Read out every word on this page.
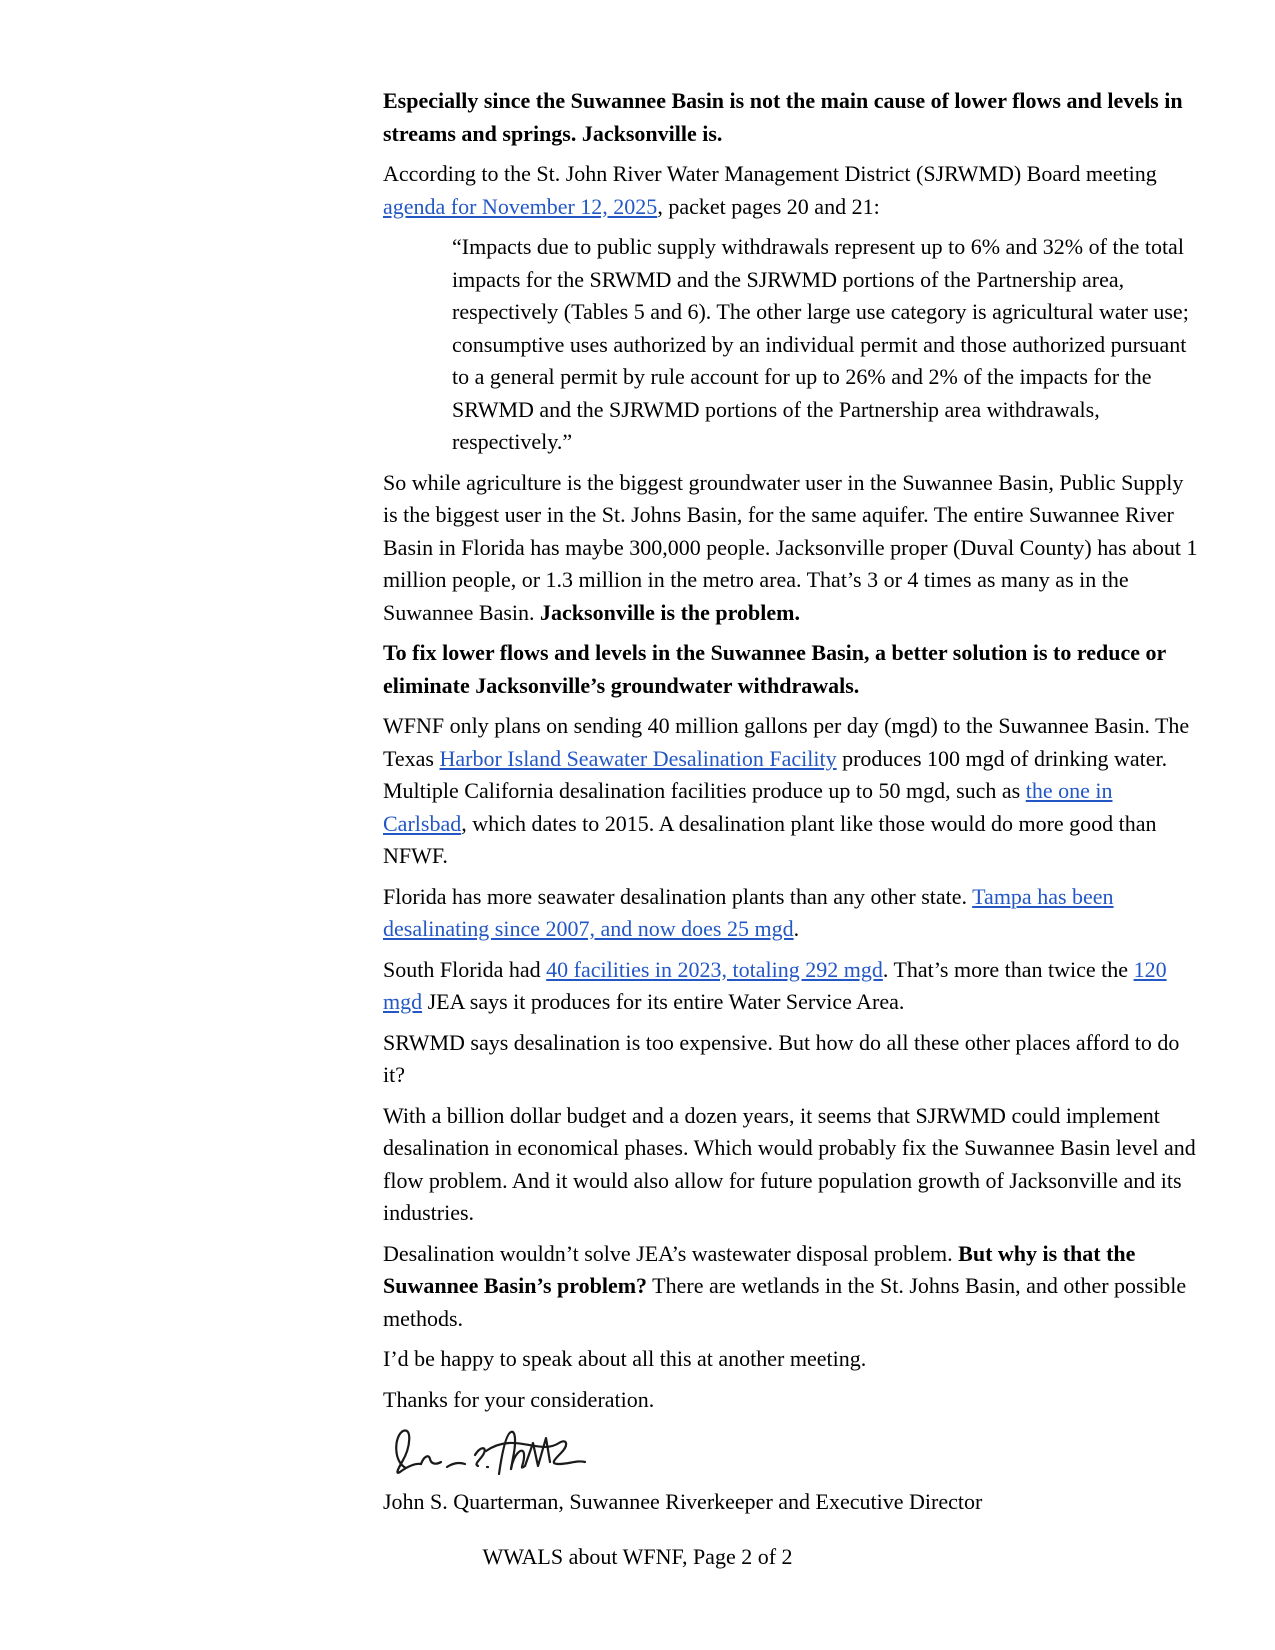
Especially since the Suwannee Basin is not the main cause of lower flows and levels in streams and springs. Jacksonville is.

According to the St. John River Water Management District (SJRWMD) Board meeting agenda for November 12, 2025, packet pages 20 and 21:

“Impacts due to public supply withdrawals represent up to 6% and 32% of the total impacts for the SRWMD and the SJRWMD portions of the Partnership area, respectively (Tables 5 and 6). The other large use category is agricultural water use; consumptive uses authorized by an individual permit and those authorized pursuant to a general permit by rule account for up to 26% and 2% of the impacts for the SRWMD and the SJRWMD portions of the Partnership area withdrawals, respectively.”

So while agriculture is the biggest groundwater user in the Suwannee Basin, Public Supply is the biggest user in the St. Johns Basin, for the same aquifer. The entire Suwannee River Basin in Florida has maybe 300,000 people. Jacksonville proper (Duval County) has about 1 million people, or 1.3 million in the metro area. That’s 3 or 4 times as many as in the Suwannee Basin. Jacksonville is the problem.

To fix lower flows and levels in the Suwannee Basin, a better solution is to reduce or eliminate Jacksonville’s groundwater withdrawals.

WFNF only plans on sending 40 million gallons per day (mgd) to the Suwannee Basin. The Texas Harbor Island Seawater Desalination Facility produces 100 mgd of drinking water. Multiple California desalination facilities produce up to 50 mgd, such as the one in Carlsbad, which dates to 2015. A desalination plant like those would do more good than NFWF.

Florida has more seawater desalination plants than any other state. Tampa has been desalinating since 2007, and now does 25 mgd.

South Florida had 40 facilities in 2023, totaling 292 mgd. That’s more than twice the 120 mgd JEA says it produces for its entire Water Service Area.

SRWMD says desalination is too expensive. But how do all these other places afford to do it?

With a billion dollar budget and a dozen years, it seems that SJRWMD could implement desalination in economical phases. Which would probably fix the Suwannee Basin level and flow problem. And it would also allow for future population growth of Jacksonville and its industries.

Desalination wouldn’t solve JEA’s wastewater disposal problem. But why is that the Suwannee Basin’s problem? There are wetlands in the St. Johns Basin, and other possible methods.

I’d be happy to speak about all this at another meeting.

Thanks for your consideration.

John S. Quarterman, Suwannee Riverkeeper and Executive Director

WWALS about WFNF, Page 2 of 2
